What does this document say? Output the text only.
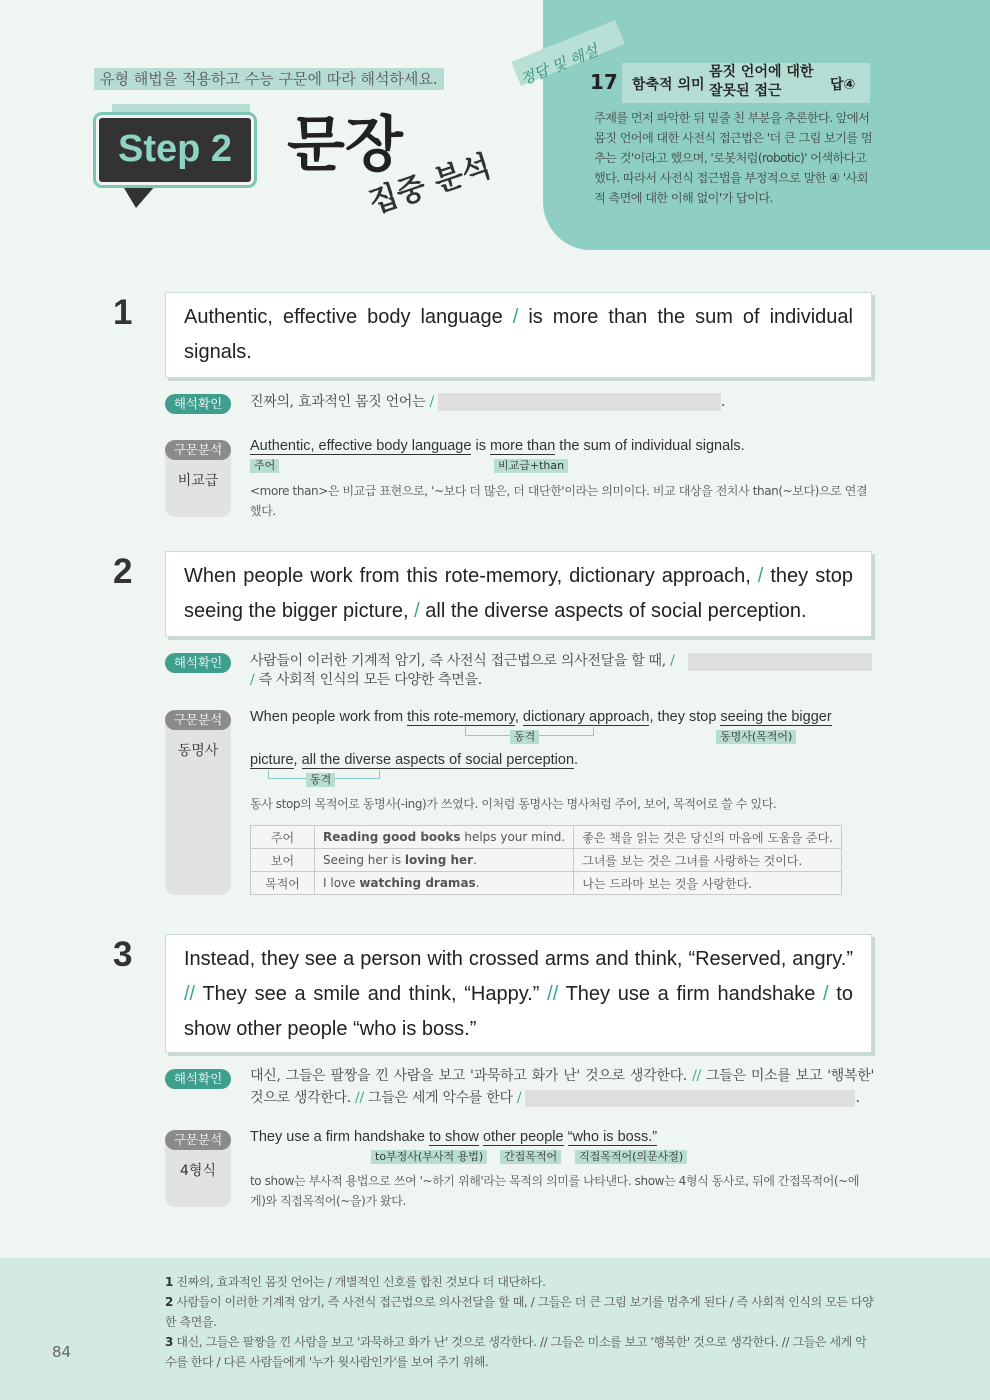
유형 해법을 적용하고 수능 구문에 따라 해석하세요.
Step 2 문장
집중 분석
정답 및 해설
17 함축적 의미
몸짓 언어에 대한 잘못된 접근	답④
주제를 먼저 파악한 뒤 밑줄 친 부분을 추론한다. 앞에서 몸짓 언어에 대한 사전식 접근법은 '더 큰 그림 보기를 멈추는 것'이라고 했으며, '로봇처럼(robotic)' 어색하다고 했다. 따라서 사전식 접근법을 부정적으로 말한 ④ '사회적 측면에 대한 이해 없이'가 답이다.
1	Authentic, effective body language / is more than the sum of individual signals.
해석확인	진짜의, 효과적인 몸짓 언어는 /	.
구문분석
비교급
Authentic, effective body language is more than the sum of individual signals.
주어	비교급+than
<more than>은 비교급 표현으로, '~보다 더 많은, 더 대단한'이라는 의미이다. 비교 대상을 전치사 than(~보다)으로 연결했다.
2	When people work from this rote-memory, dictionary approach, / they stop seeing the bigger picture, / all the diverse aspects of social perception.
해석확인	사람들이 이러한 기계적 암기, 즉 사전식 접근법으로 의사전달을 할 때, /
/ 즉 사회적 인식의 모든 다양한 측면을.
구문분석
동명사
When people work from this rote-memory, dictionary approach, they stop seeing the bigger
동격	동명사(목적어)
picture, all the diverse aspects of social perception.
동격
동사 stop의 목적어로 동명사(-ing)가 쓰였다. 이처럼 동명사는 명사처럼 주어, 보어, 목적어로 쓸 수 있다.
주어	Reading good books helps your mind.	좋은 책을 읽는 것은 당신의 마음에 도움을 준다.
보어	Seeing her is loving her.	그녀를 보는 것은 그녀를 사랑하는 것이다.
목적어	I love watching dramas.	나는 드라마 보는 것을 사랑한다.
3	Instead, they see a person with crossed arms and think, “Reserved, angry.” // They see a smile and think, “Happy.” // They use a firm handshake / to show other people “who is boss.”
해석확인	대신, 그들은 팔짱을 낀 사람을 보고 '과묵하고 화가 난' 것으로 생각한다. // 그들은 미소를 보고 '행복한' 것으로 생각한다. // 그들은 세게 악수를 한다 /	.
구문분석
4형식
They use a firm handshake to show other people “who is boss.”
to부정사(부사적 용법)	간접목적어	직접목적어(의문사절)
to show는 부사적 용법으로 쓰여 '~하기 위해'라는 목적의 의미를 나타낸다. show는 4형식 동사로, 뒤에 간접목적어(~에게)와 직접목적어(~을)가 왔다.
84
1 진짜의, 효과적인 몸짓 언어는 / 개별적인 신호를 합친 것보다 더 대단하다.
2 사람들이 이러한 기계적 암기, 즉 사전식 접근법으로 의사전달을 할 때, / 그들은 더 큰 그림 보기를 멈추게 된다 / 즉 사회적 인식의 모든 다양한 측면을.
3 대신, 그들은 팔짱을 낀 사람을 보고 '과묵하고 화가 난' 것으로 생각한다. // 그들은 미소를 보고 '행복한' 것으로 생각한다. // 그들은 세게 악수를 한다 / 다른 사람들에게 '누가 윗사람인가'를 보여 주기 위해.
